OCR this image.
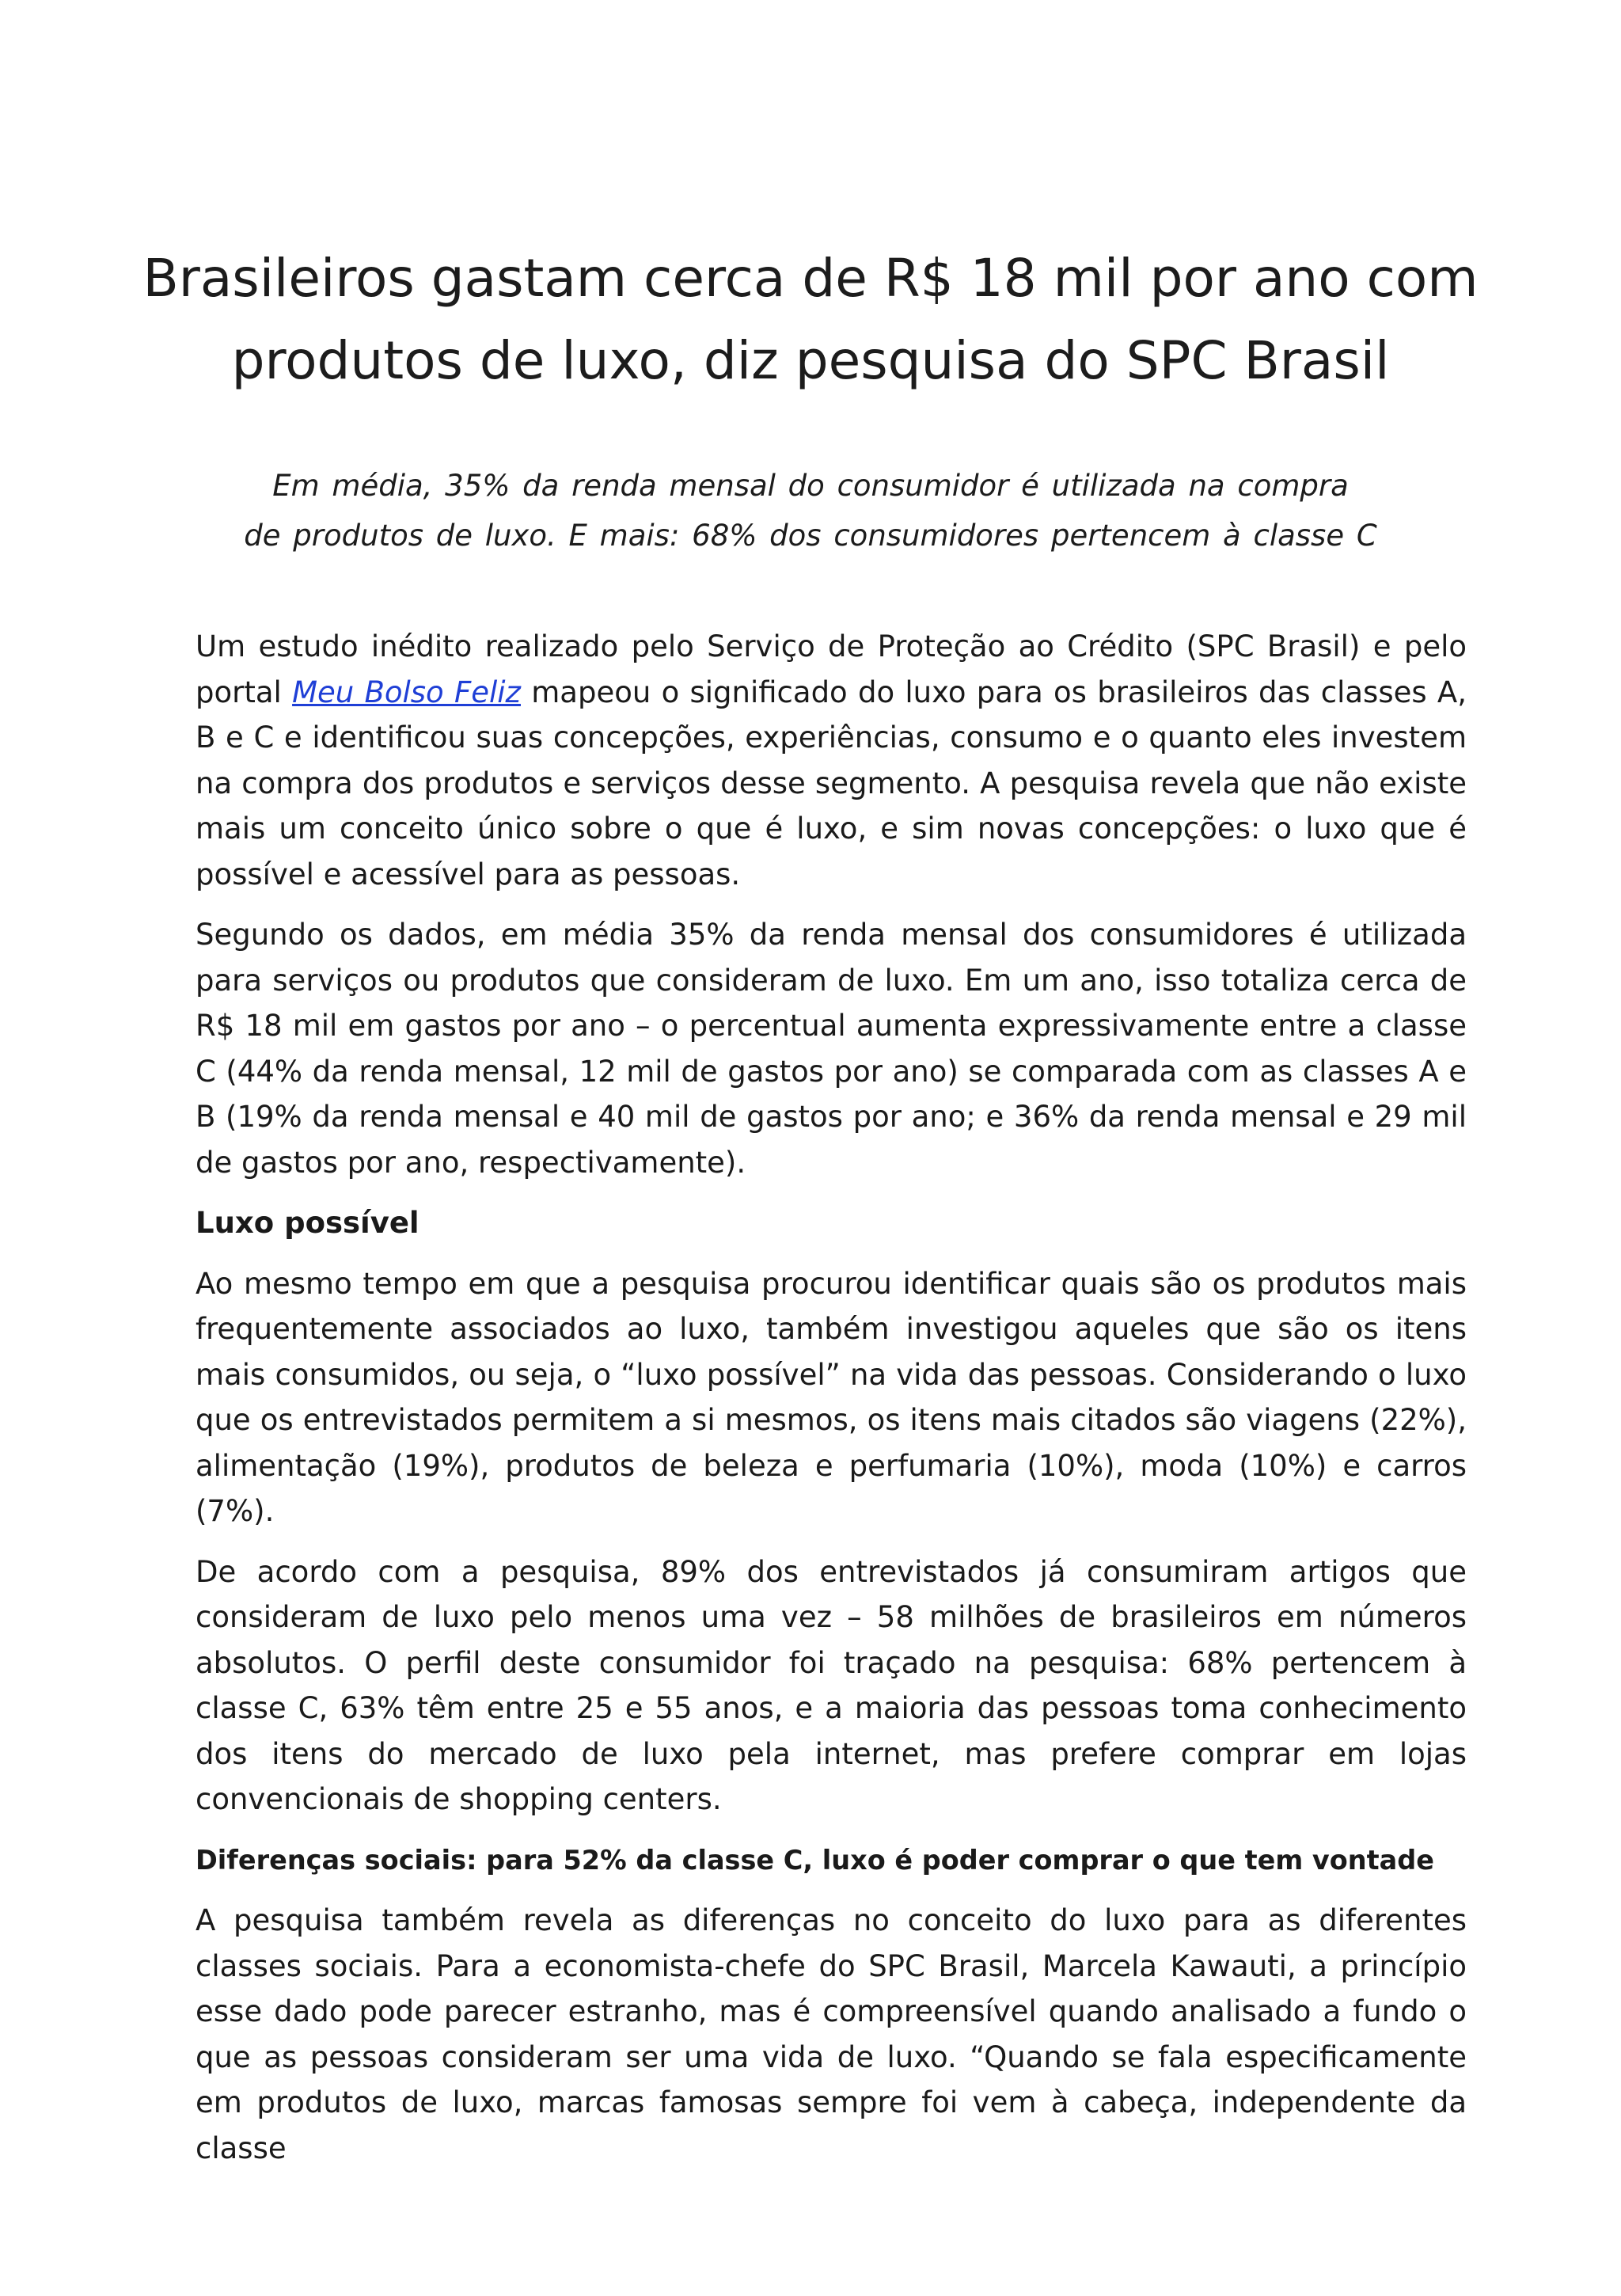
Brasileiros gastam cerca de R$ 18 mil por ano com
produtos de luxo, diz pesquisa do SPC Brasil

Em média, 35% da renda mensal do consumidor é utilizada na compra
de produtos de luxo. E mais: 68% dos consumidores pertencem à classe C

Um estudo inédito realizado pelo Serviço de Proteção ao Crédito (SPC Brasil) e pelo portal Meu Bolso Feliz mapeou o significado do luxo para os brasileiros das classes A, B e C e identificou suas concepções, experiências, consumo e o quanto eles investem na compra dos produtos e serviços desse segmento. A pesquisa revela que não existe mais um conceito único sobre o que é luxo, e sim novas concepções: o luxo que é possível e acessível para as pessoas.

Segundo os dados, em média 35% da renda mensal dos consumidores é utilizada para serviços ou produtos que consideram de luxo. Em um ano, isso totaliza cerca de R$ 18 mil em gastos por ano – o percentual aumenta expressivamente entre a classe C (44% da renda mensal, 12 mil de gastos por ano) se comparada com as classes A e B (19% da renda mensal e 40 mil de gastos por ano; e 36% da renda mensal e 29 mil de gastos por ano, respectivamente).

Luxo possível

Ao mesmo tempo em que a pesquisa procurou identificar quais são os produtos mais frequentemente associados ao luxo, também investigou aqueles que são os itens mais consumidos, ou seja, o “luxo possível” na vida das pessoas. Considerando o luxo que os entrevistados permitem a si mesmos, os itens mais citados são viagens (22%), alimentação (19%), produtos de beleza e perfumaria (10%), moda (10%) e carros (7%).

De acordo com a pesquisa, 89% dos entrevistados já consumiram artigos que consideram de luxo pelo menos uma vez – 58 milhões de brasileiros em números absolutos. O perfil deste consumidor foi traçado na pesquisa: 68% pertencem à classe C, 63% têm entre 25 e 55 anos, e a maioria das pessoas toma conhecimento dos itens do mercado de luxo pela internet, mas prefere comprar em lojas convencionais de shopping centers.

Diferenças sociais: para 52% da classe C, luxo é poder comprar o que tem vontade

A pesquisa também revela as diferenças no conceito do luxo para as diferentes classes sociais. Para a economista-chefe do SPC Brasil, Marcela Kawauti, a princípio esse dado pode parecer estranho, mas é compreensível quando analisado a fundo o que as pessoas consideram ser uma vida de luxo. “Quando se fala especificamente em produtos de luxo, marcas famosas sempre foi vem à cabeça, independente da classe
